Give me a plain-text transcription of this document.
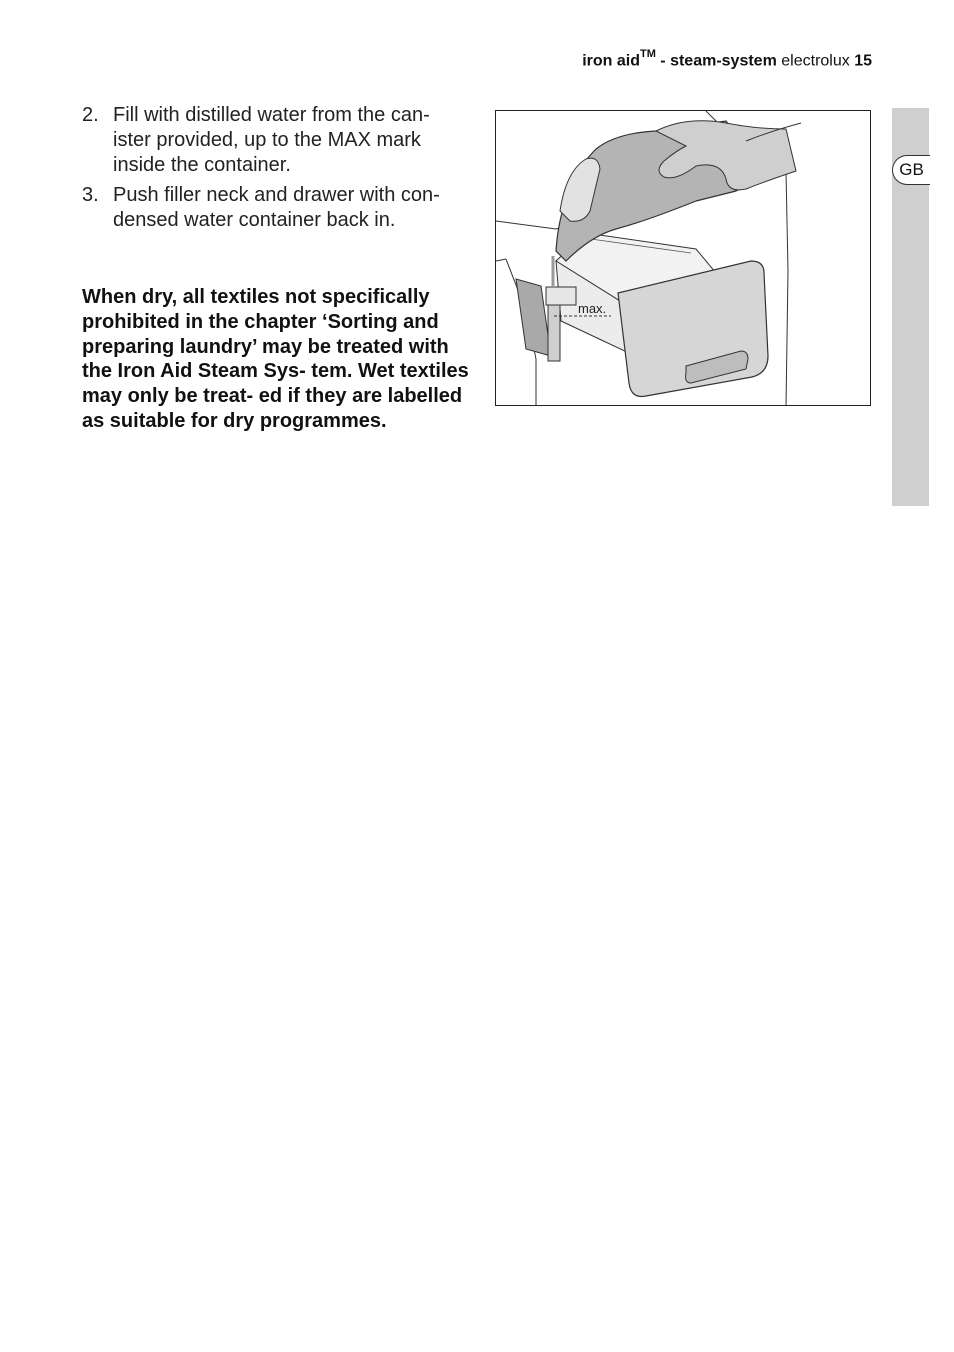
iron aid™ - steam-system electrolux 15
GB
2. Fill with distilled water from the can- ister provided, up to the MAX mark inside the container.
3. Push filler neck and drawer with con- densed water container back in.

When dry, all textiles not specifically prohibited in the chapter ‘Sorting and preparing laundry’ may be treated with the Iron Aid Steam Sys- tem. Wet textiles may only be treat- ed if they are labelled as suitable for dry programmes.

max.
